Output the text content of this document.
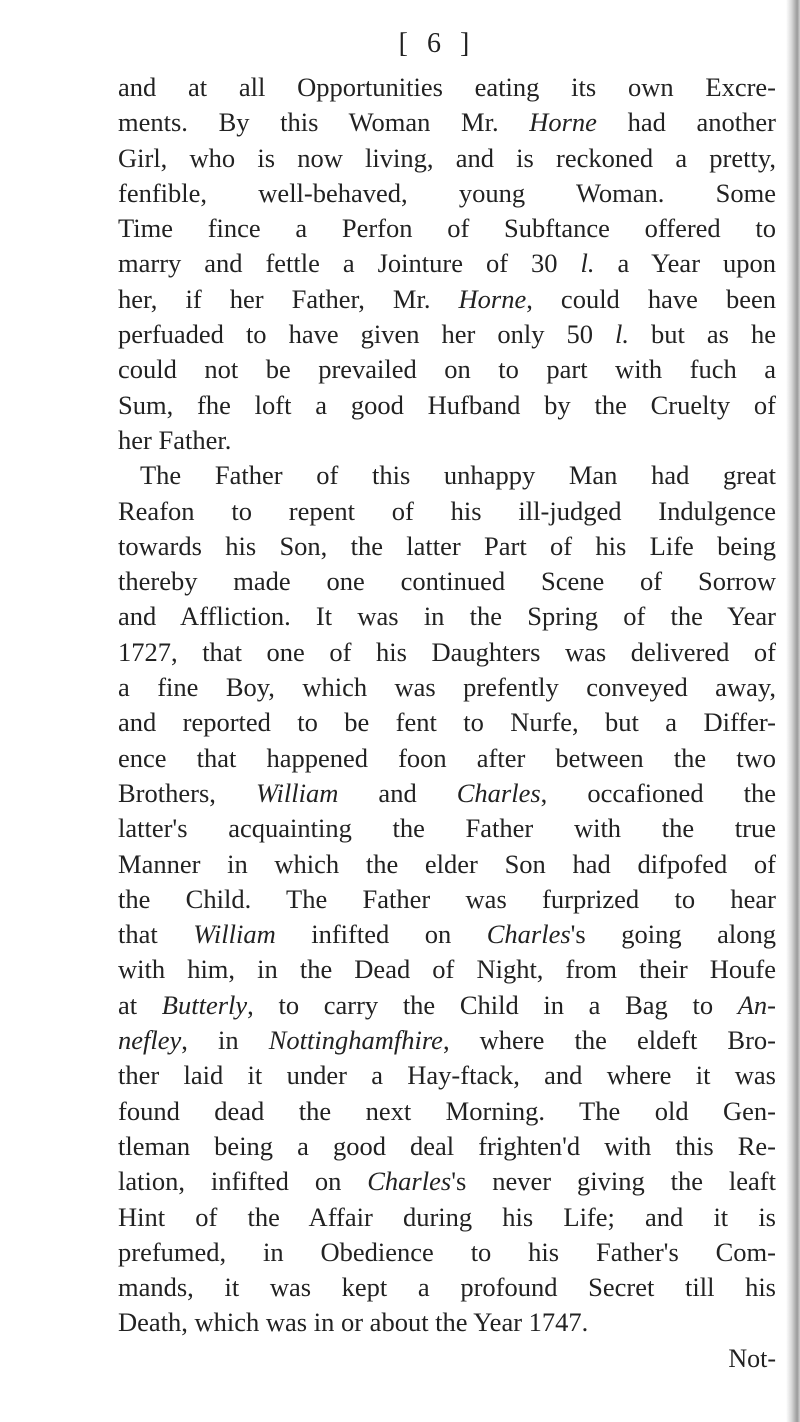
[ 6 ]
and at all Opportunities eating its own Excre-
ments. By this Woman Mr. Horne had another
Girl, who is now living, and is reckoned a pretty,
fenfible, well-behaved, young Woman. Some
Time fince a Perfon of Subftance offered to
marry and fettle a Jointure of 30 l. a Year upon
her, if her Father, Mr. Horne, could have been
perfuaded to have given her only 50 l. but as he
could not be prevailed on to part with fuch a
Sum, fhe loft a good Hufband by the Cruelty of
her Father.
The Father of this unhappy Man had great
Reafon to repent of his ill-judged Indulgence
towards his Son, the latter Part of his Life being
thereby made one continued Scene of Sorrow
and Affliction. It was in the Spring of the Year
1727, that one of his Daughters was delivered of
a fine Boy, which was prefently conveyed away,
and reported to be fent to Nurfe, but a Differ-
ence that happened foon after between the two
Brothers, William and Charles, occafioned the
latter's acquainting the Father with the true
Manner in which the elder Son had difpofed of
the Child. The Father was furprized to hear
that William infifted on Charles's going along
with him, in the Dead of Night, from their Houfe
at Butterly, to carry the Child in a Bag to An-
nefley, in Nottinghamfhire, where the eldeft Bro-
ther laid it under a Hay-ftack, and where it was
found dead the next Morning. The old Gen-
tleman being a good deal frighten'd with this Re-
lation, infifted on Charles's never giving the leaft
Hint of the Affair during his Life; and it is
prefumed, in Obedience to his Father's Com-
mands, it was kept a profound Secret till his
Death, which was in or about the Year 1747.
Not-
